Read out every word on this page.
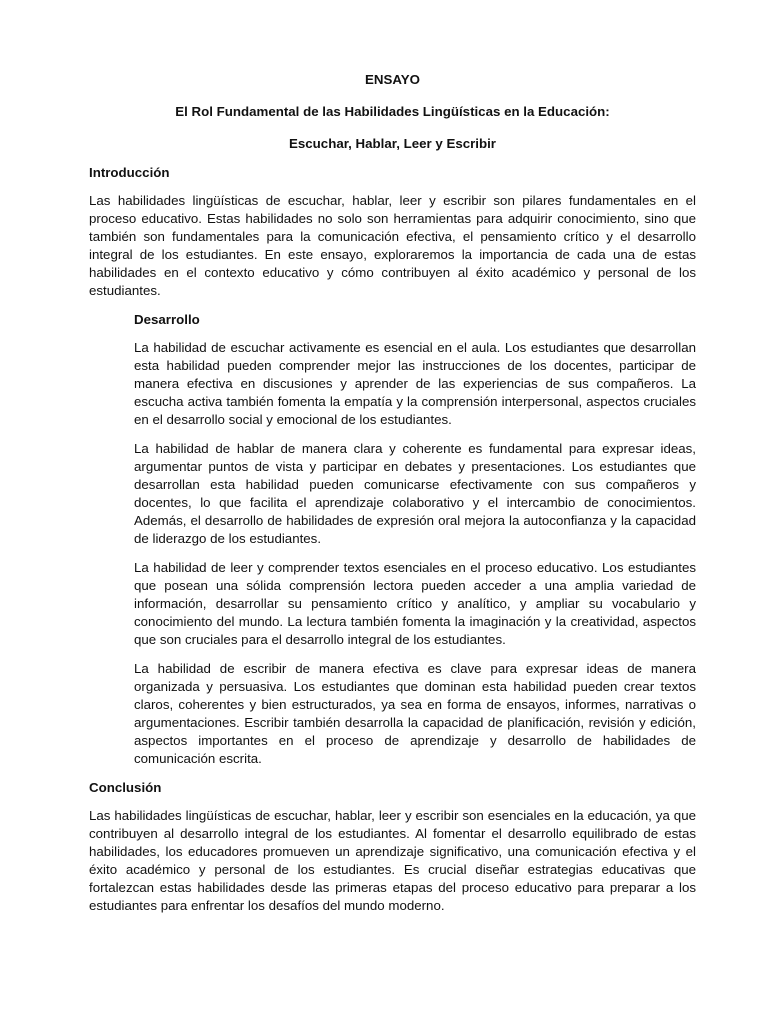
ENSAYO

El Rol Fundamental de las Habilidades Lingüísticas en la Educación:

Escuchar, Hablar, Leer y Escribir

Introducción

Las habilidades lingüísticas de escuchar, hablar, leer y escribir son pilares fundamentales en el proceso educativo. Estas habilidades no solo son herramientas para adquirir conocimiento, sino que también son fundamentales para la comunicación efectiva, el pensamiento crítico y el desarrollo integral de los estudiantes. En este ensayo, exploraremos la importancia de cada una de estas habilidades en el contexto educativo y cómo contribuyen al éxito académico y personal de los estudiantes.

Desarrollo

La habilidad de escuchar activamente es esencial en el aula. Los estudiantes que desarrollan esta habilidad pueden comprender mejor las instrucciones de los docentes, participar de manera efectiva en discusiones y aprender de las experiencias de sus compañeros. La escucha activa también fomenta la empatía y la comprensión interpersonal, aspectos cruciales en el desarrollo social y emocional de los estudiantes.

La habilidad de hablar de manera clara y coherente es fundamental para expresar ideas, argumentar puntos de vista y participar en debates y presentaciones. Los estudiantes que desarrollan esta habilidad pueden comunicarse efectivamente con sus compañeros y docentes, lo que facilita el aprendizaje colaborativo y el intercambio de conocimientos. Además, el desarrollo de habilidades de expresión oral mejora la autoconfianza y la capacidad de liderazgo de los estudiantes.

La habilidad de leer y comprender textos esenciales en el proceso educativo. Los estudiantes que posean una sólida comprensión lectora pueden acceder a una amplia variedad de información, desarrollar su pensamiento crítico y analítico, y ampliar su vocabulario y conocimiento del mundo. La lectura también fomenta la imaginación y la creatividad, aspectos que son cruciales para el desarrollo integral de los estudiantes.

La habilidad de escribir de manera efectiva es clave para expresar ideas de manera organizada y persuasiva. Los estudiantes que dominan esta habilidad pueden crear textos claros, coherentes y bien estructurados, ya sea en forma de ensayos, informes, narrativas o argumentaciones. Escribir también desarrolla la capacidad de planificación, revisión y edición, aspectos importantes en el proceso de aprendizaje y desarrollo de habilidades de comunicación escrita.

Conclusión

Las habilidades lingüísticas de escuchar, hablar, leer y escribir son esenciales en la educación, ya que contribuyen al desarrollo integral de los estudiantes. Al fomentar el desarrollo equilibrado de estas habilidades, los educadores promueven un aprendizaje significativo, una comunicación efectiva y el éxito académico y personal de los estudiantes. Es crucial diseñar estrategias educativas que fortalezcan estas habilidades desde las primeras etapas del proceso educativo para preparar a los estudiantes para enfrentar los desafíos del mundo moderno.
